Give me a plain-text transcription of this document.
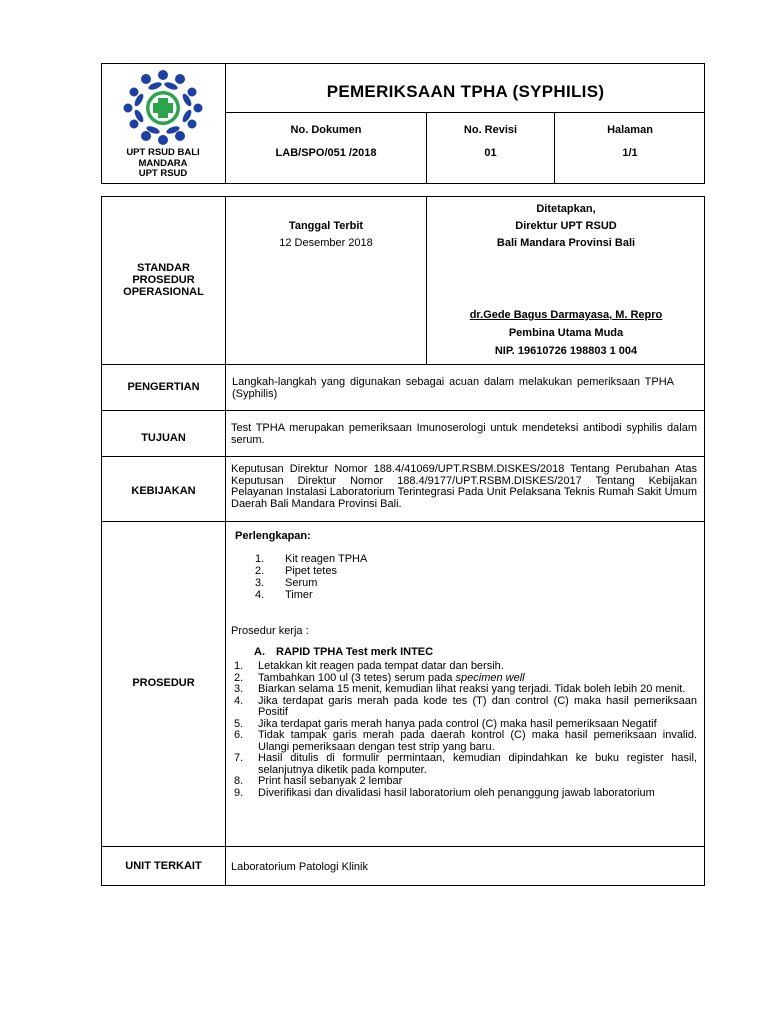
UPT RSUD BALI
MANDARA
UPT RSUD
PEMERIKSAAN TPHA (SYPHILIS)
No. Dokumen
LAB/SPO/051 /2018
No. Revisi
01
Halaman
1/1
STANDAR
PROSEDUR
OPERASIONAL
Tanggal Terbit
12 Desember 2018
Ditetapkan,
Direktur UPT RSUD
Bali Mandara Provinsi Bali
dr.Gede Bagus Darmayasa, M. Repro
Pembina Utama Muda
NIP. 19610726 198803 1 004
PENGERTIAN	Langkah-langkah yang digunakan sebagai acuan dalam melakukan pemeriksaan TPHA (Syphilis)
TUJUAN
Test TPHA merupakan pemeriksaan Imunoserologi untuk mendeteksi antibodi syphilis dalam serum.
KEBIJAKAN
Keputusan Direktur Nomor 188.4/41069/UPT.RSBM.DISKES/2018 Tentang Perubahan Atas Keputusan Direktur Nomor 188.4/9177/UPT.RSBM.DISKES/2017 Tentang Kebijakan Pelayanan Instalasi Laboratorium Terintegrasi Pada Unit Pelaksana Teknis Rumah Sakit Umum Daerah Bali Mandara Provinsi Bali.
PROSEDUR
Perlengkapan:
1. Kit reagen TPHA
2. Pipet tetes
3. Serum
4. Timer
Prosedur kerja :
A. RAPID TPHA Test merk INTEC
1. Letakkan kit reagen pada tempat datar dan bersih.
2. Tambahkan 100 ul (3 tetes) serum pada specimen well
3. Biarkan selama 15 menit, kemudian lihat reaksi yang terjadi. Tidak boleh lebih 20 menit.
4. Jika terdapat garis merah pada kode tes (T) dan control (C) maka hasil pemeriksaan Positif
5. Jika terdapat garis merah hanya pada control (C) maka hasil pemeriksaan Negatif
6. Tidak tampak garis merah pada daerah kontrol (C) maka hasil pemeriksaan invalid. Ulangi pemeriksaan dengan test strip yang baru.
7. Hasil ditulis di formulir permintaan, kemudian dipindahkan ke buku register hasil, selanjutnya diketik pada komputer.
8. Print hasil sebanyak 2 lembar
9. Diverifikasi dan divalidasi hasil laboratorium oleh penanggung jawab laboratorium
UNIT TERKAIT	Laboratorium Patologi Klinik
